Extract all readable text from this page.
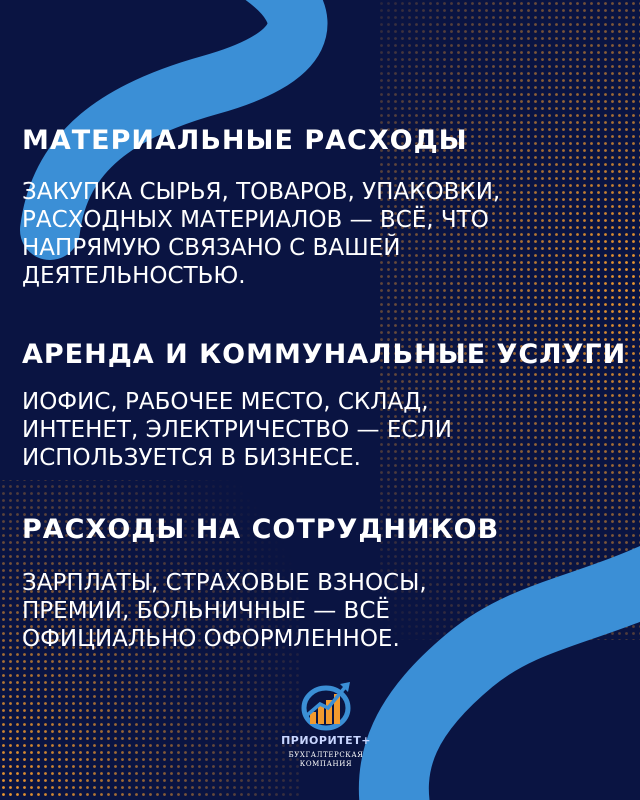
МАТЕРИАЛЬНЫЕ РАСХОДЫ
ЗАКУПКА СЫРЬЯ, ТОВАРОВ, УПАКОВКИ,
РАСХОДНЫХ МАТЕРИАЛОВ — ВСЁ, ЧТО
НАПРЯМУЮ СВЯЗАНО С ВАШЕЙ
ДЕЯТЕЛЬНОСТЬЮ.
АРЕНДА И КОММУНАЛЬНЫЕ УСЛУГИ
ИОФИС, РАБОЧЕЕ МЕСТО, СКЛАД,
ИНТЕНЕТ, ЭЛЕКТРИЧЕСТВО — ЕСЛИ
ИСПОЛЬЗУЕТСЯ В БИЗНЕСЕ.
РАСХОДЫ НА СОТРУДНИКОВ
ЗАРПЛАТЫ, СТРАХОВЫЕ ВЗНОСЫ,
ПРЕМИИ, БОЛЬНИЧНЫЕ — ВСЁ
ОФИЦИАЛЬНО ОФОРМЛЕННОЕ.
ПРИОРИТЕТ+
БУХГАЛТЕРСКАЯ
КОМПАНИЯ
